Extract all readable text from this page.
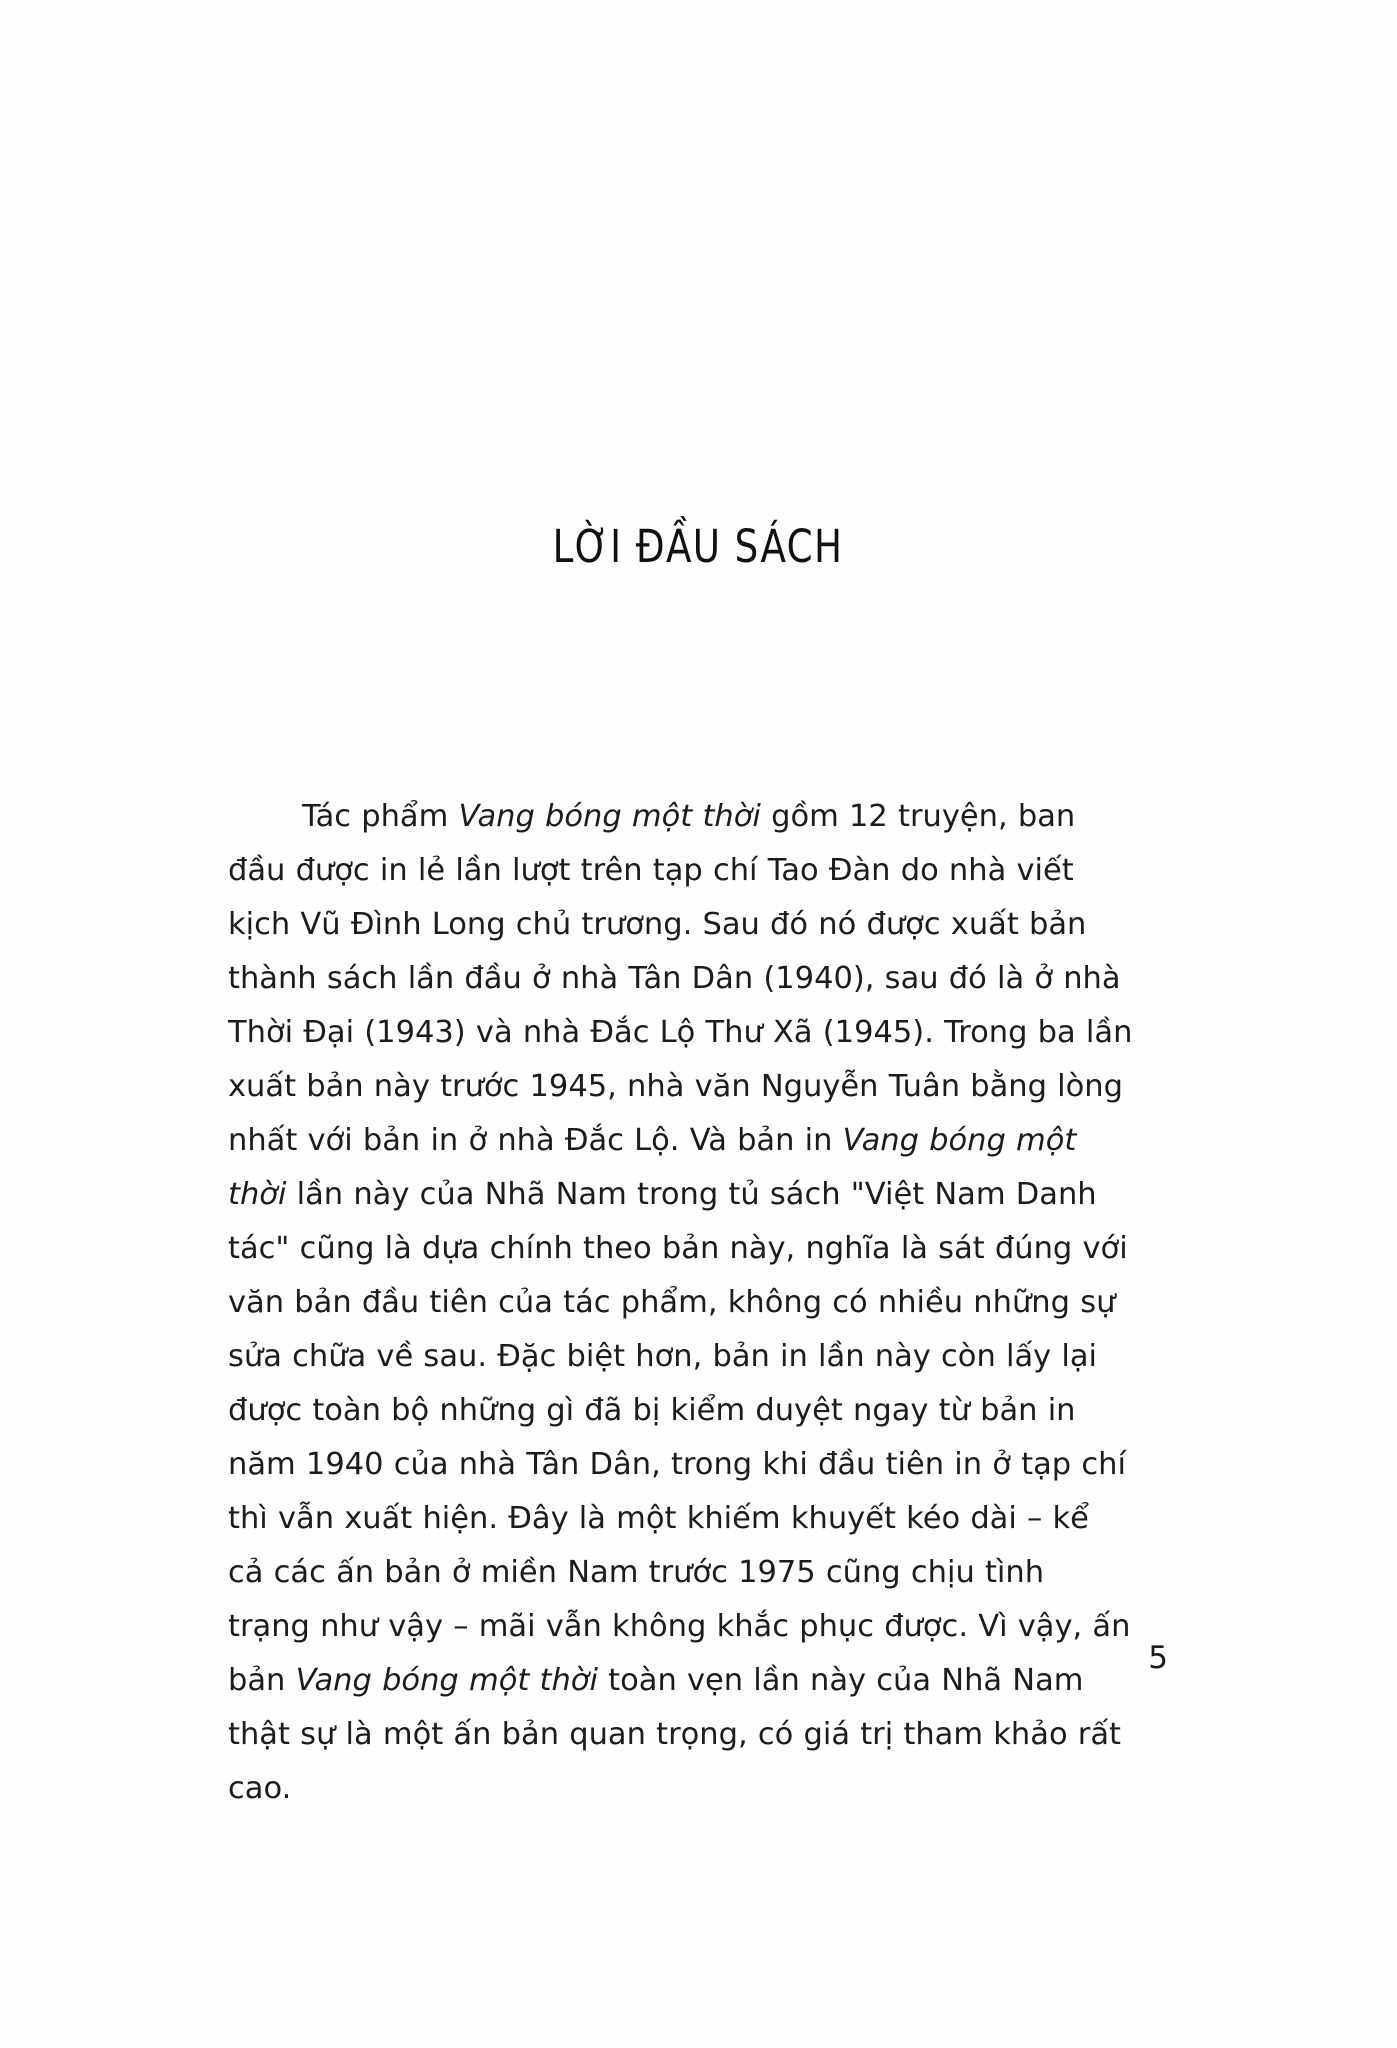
LỜI ĐẦU SÁCH

Tác phẩm Vang bóng một thời gồm 12 truyện, ban đầu được in lẻ lần lượt trên tạp chí Tao Đàn do nhà viết kịch Vũ Đình Long chủ trương. Sau đó nó được xuất bản thành sách lần đầu ở nhà Tân Dân (1940), sau đó là ở nhà Thời Đại (1943) và nhà Đắc Lộ Thư Xã (1945). Trong ba lần xuất bản này trước 1945, nhà văn Nguyễn Tuân bằng lòng nhất với bản in ở nhà Đắc Lộ. Và bản in Vang bóng một thời lần này của Nhã Nam trong tủ sách "Việt Nam Danh tác" cũng là dựa chính theo bản này, nghĩa là sát đúng với văn bản đầu tiên của tác phẩm, không có nhiều những sự sửa chữa về sau. Đặc biệt hơn, bản in lần này còn lấy lại được toàn bộ những gì đã bị kiểm duyệt ngay từ bản in năm 1940 của nhà Tân Dân, trong khi đầu tiên in ở tạp chí thì vẫn xuất hiện. Đây là một khiếm khuyết kéo dài – kể cả các ấn bản ở miền Nam trước 1975 cũng chịu tình trạng như vậy – mãi vẫn không khắc phục được. Vì vậy, ấn bản Vang bóng một thời toàn vẹn lần này của Nhã Nam thật sự là một ấn bản quan trọng, có giá trị tham khảo rất cao.

5
